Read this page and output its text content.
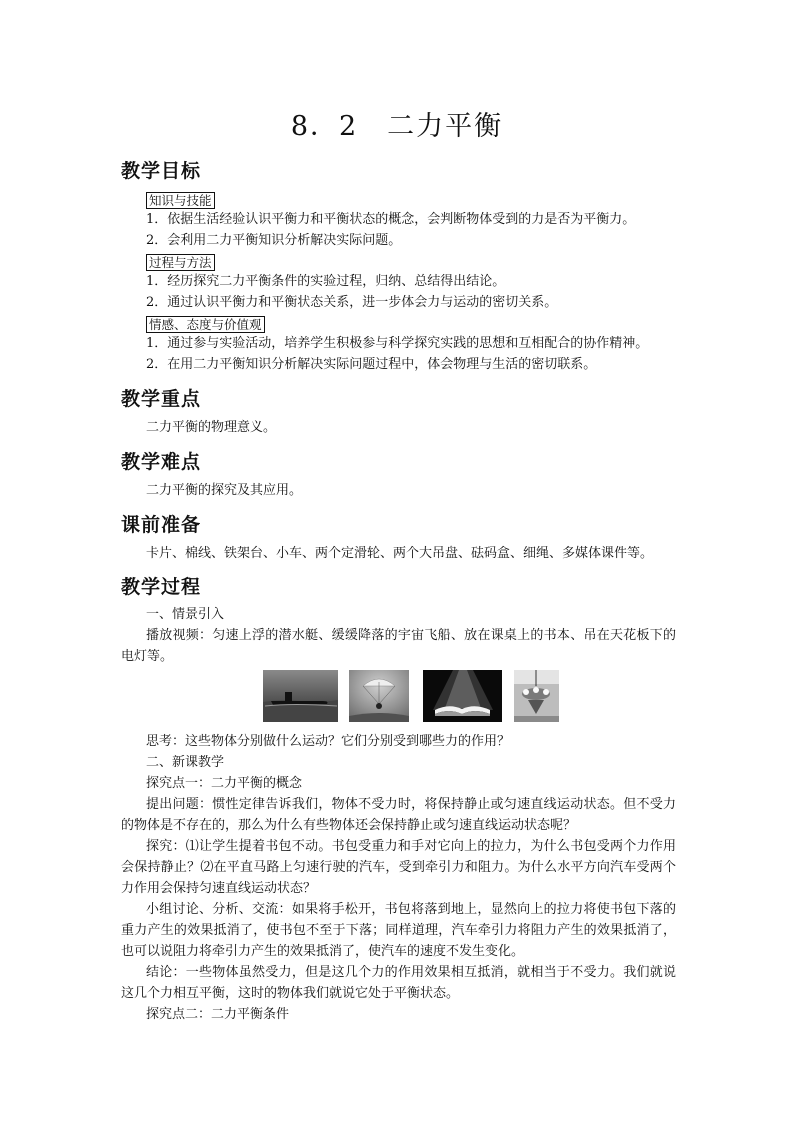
8．2　二力平衡
教学目标
知识与技能
1．依据生活经验认识平衡力和平衡状态的概念，会判断物体受到的力是否为平衡力。
2．会利用二力平衡知识分析解决实际问题。
过程与方法
1．经历探究二力平衡条件的实验过程，归纳、总结得出结论。
2．通过认识平衡力和平衡状态关系，进一步体会力与运动的密切关系。
情感、态度与价值观
1．通过参与实验活动，培养学生积极参与科学探究实践的思想和互相配合的协作精神。
2．在用二力平衡知识分析解决实际问题过程中，体会物理与生活的密切联系。
教学重点
二力平衡的物理意义。
教学难点
二力平衡的探究及其应用。
课前准备
卡片、棉线、铁架台、小车、两个定滑轮、两个大吊盘、砝码盒、细绳、多媒体课件等。
教学过程
一、情景引入
播放视频：匀速上浮的潜水艇、缓缓降落的宇宙飞船、放在课桌上的书本、吊在天花板下的电灯等。
思考：这些物体分别做什么运动？它们分别受到哪些力的作用？
二、新课教学
探究点一：二力平衡的概念
提出问题：惯性定律告诉我们，物体不受力时，将保持静止或匀速直线运动状态。但不受力的物体是不存在的，那么为什么有些物体还会保持静止或匀速直线运动状态呢？
探究：⑴让学生提着书包不动。书包受重力和手对它向上的拉力，为什么书包受两个力作用会保持静止？⑵在平直马路上匀速行驶的汽车，受到牵引力和阻力。为什么水平方向汽车受两个力作用会保持匀速直线运动状态？
小组讨论、分析、交流：如果将手松开，书包将落到地上，显然向上的拉力将使书包下落的重力产生的效果抵消了，使书包不至于下落；同样道理，汽车牵引力将阻力产生的效果抵消了，也可以说阻力将牵引力产生的效果抵消了，使汽车的速度不发生变化。
结论：一些物体虽然受力，但是这几个力的作用效果相互抵消，就相当于不受力。我们就说这几个力相互平衡，这时的物体我们就说它处于平衡状态。
探究点二：二力平衡条件
